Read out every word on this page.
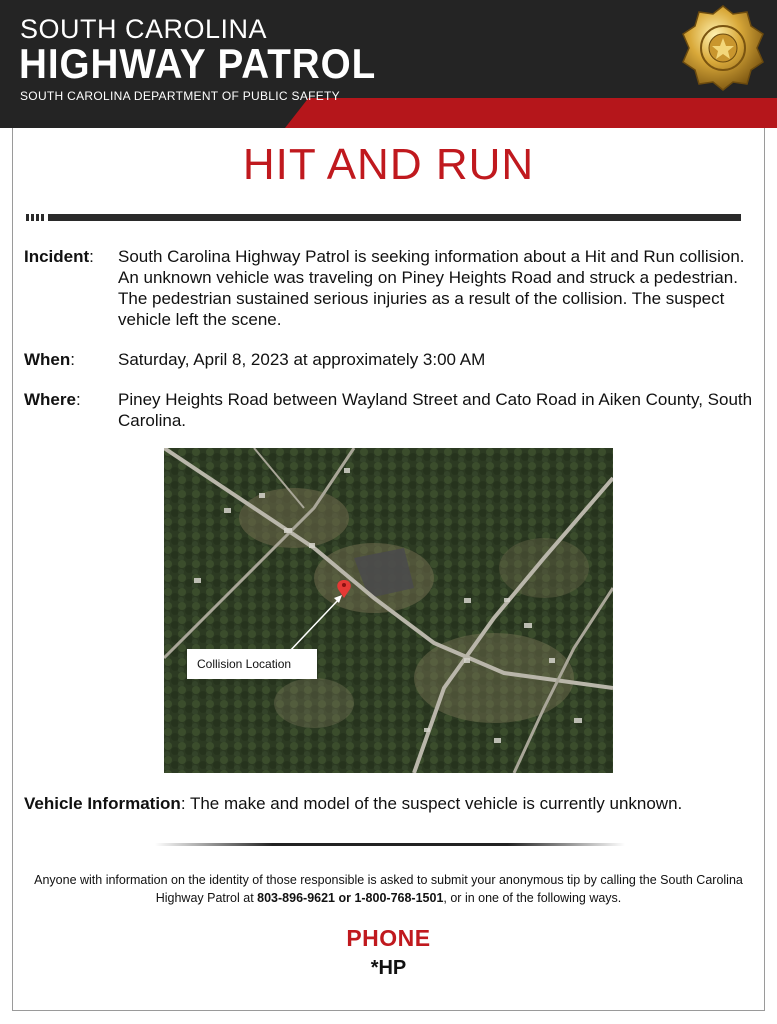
SOUTH CAROLINA
HIGHWAY PATROL
SOUTH CAROLINA DEPARTMENT OF PUBLIC SAFETY
HIT AND RUN
Incident: South Carolina Highway Patrol is seeking information about a Hit and Run collision. An unknown vehicle was traveling on Piney Heights Road and struck a pedestrian. The pedestrian sustained serious injuries as a result of the collision. The suspect vehicle left the scene.
When:	Saturday, April 8, 2023 at approximately 3:00 AM
Where: Piney Heights Road between Wayland Street and Cato Road in Aiken County, South Carolina.
Collision Location
Vehicle Information: The make and model of the suspect vehicle is currently unknown.
Anyone with information on the identity of those responsible is asked to submit your anonymous tip by calling the South Carolina Highway Patrol at 803-896-9621 or 1-800-768-1501, or in one of the following ways.
PHONE
*HP
